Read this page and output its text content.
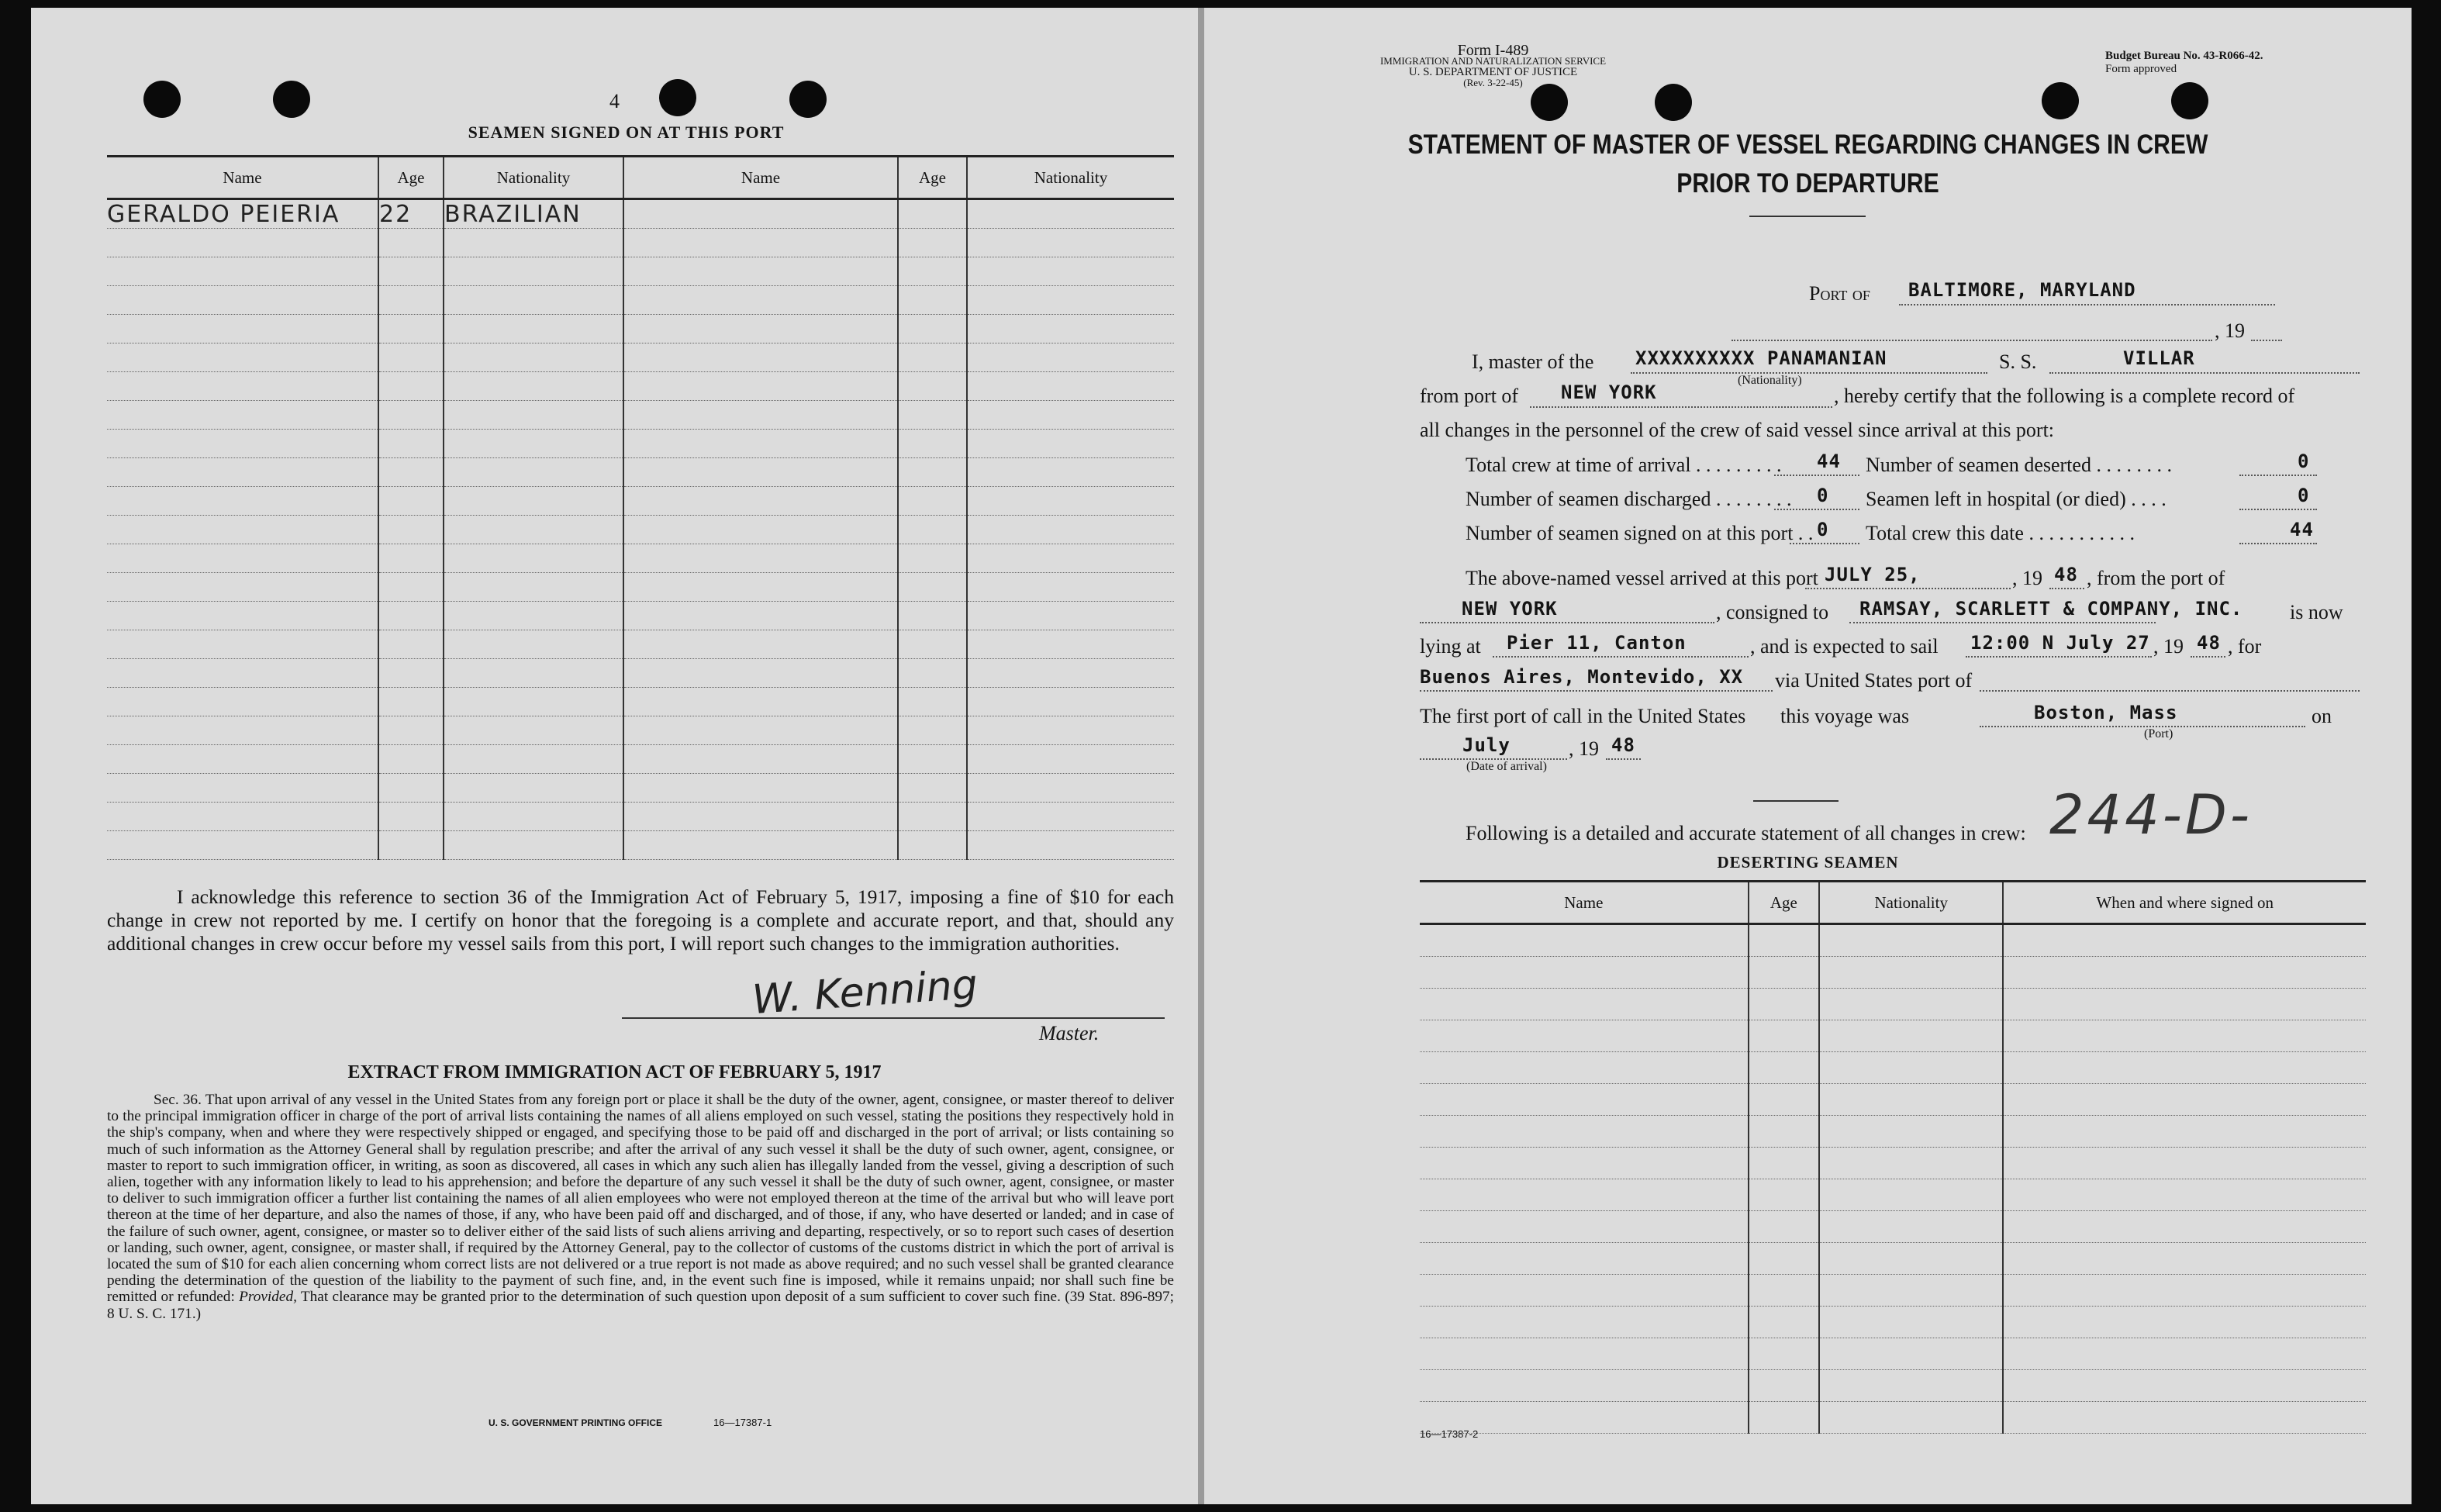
4
SEAMEN SIGNED ON AT THIS PORT
Name	Age	Nationality	Name	Age	Nationality
GERALDO PEIERIA	22	BRAZILIAN			

I acknowledge this reference to section 36 of the Immigration Act of February 5, 1917, imposing a fine of $10 for each change in crew not reported by me. I certify on honor that the foregoing is a complete and accurate report, and that, should any additional changes in crew occur before my vessel sails from this port, I will report such changes to the immigration authorities.
W. Kenning
Master.
EXTRACT FROM IMMIGRATION ACT OF FEBRUARY 5, 1917
Sec. 36. That upon arrival of any vessel in the United States from any foreign port or place it shall be the duty of the owner, agent, consignee, or master thereof to deliver to the principal immigration officer in charge of the port of arrival lists containing the names of all aliens employed on such vessel, stating the positions they respectively hold in the ship's company, when and where they were respectively shipped or engaged, and specifying those to be paid off and discharged in the port of arrival; or lists containing so much of such information as the Attorney General shall by regulation prescribe; and after the arrival of any such vessel it shall be the duty of such owner, agent, consignee, or master to report to such immigration officer, in writing, as soon as discovered, all cases in which any such alien has illegally landed from the vessel, giving a description of such alien, together with any information likely to lead to his apprehension; and before the departure of any such vessel it shall be the duty of such owner, agent, consignee, or master to deliver to such immigration officer a further list containing the names of all alien employees who were not employed thereon at the time of the arrival but who will leave port thereon at the time of her departure, and also the names of those, if any, who have been paid off and discharged, and of those, if any, who have deserted or landed; and in case of the failure of such owner, agent, consignee, or master so to deliver either of the said lists of such aliens arriving and departing, respectively, or so to report such cases of desertion or landing, such owner, agent, consignee, or master shall, if required by the Attorney General, pay to the collector of customs of the customs district in which the port of arrival is located the sum of $10 for each alien concerning whom correct lists are not delivered or a true report is not made as above required; and no such vessel shall be granted clearance pending the determination of the question of the liability to the payment of such fine, and, in the event such fine is imposed, while it remains unpaid; nor shall such fine be remitted or refunded: Provided, That clearance may be granted prior to the determination of such question upon deposit of a sum sufficient to cover such fine. (39 Stat. 896-897; 8 U. S. C. 171.)
U. S. GOVERNMENT PRINTING OFFICE	16—17387-1
Form I-489
IMMIGRATION AND NATURALIZATION SERVICE
U. S. DEPARTMENT OF JUSTICE
(Rev. 3-22-45)
Budget Bureau No. 43-R066-42.
Form approved
STATEMENT OF MASTER OF VESSEL REGARDING CHANGES IN CREW
PRIOR TO DEPARTURE
Port of BALTIMORE, MARYLAND
, 19
I, master of the XXXXXXXXXX PANAMANIAN
(Nationality)
S. S.	VILLAR
from port of NEW YORK	, hereby certify that the following is a complete record of
all changes in the personnel of the crew of said vessel since arrival at this port:
Total crew at time of arrival . . . . . . . . . 44 Number of seamen deserted . . . . . . . .	0
Number of seamen discharged . . . . . . . . 0 Seamen left in hospital (or died) . . . .	0
Number of seamen signed on at this port . . 0 Total crew this date . . . . . . . . . . .	44
The above-named vessel arrived at this port JULY 25,	, 19 48 , from the port of
NEW YORK	, consigned to RAMSAY, SCARLETT & COMPANY, INC. is now
lying at Pier 11, Canton	, and is expected to sail 12:00 N July 27 , 19 48 , for
Buenos Aires, Montevido, XX via United States port of
The first port of call in the United States this voyage was	Boston, Mass
(Port)
on
July
(Date of arrival)
, 19 48
Following is a detailed and accurate statement of all changes in crew: 244-D-
DESERTING SEAMEN
Name	Age	Nationality	When and where signed on

16—17387-2
